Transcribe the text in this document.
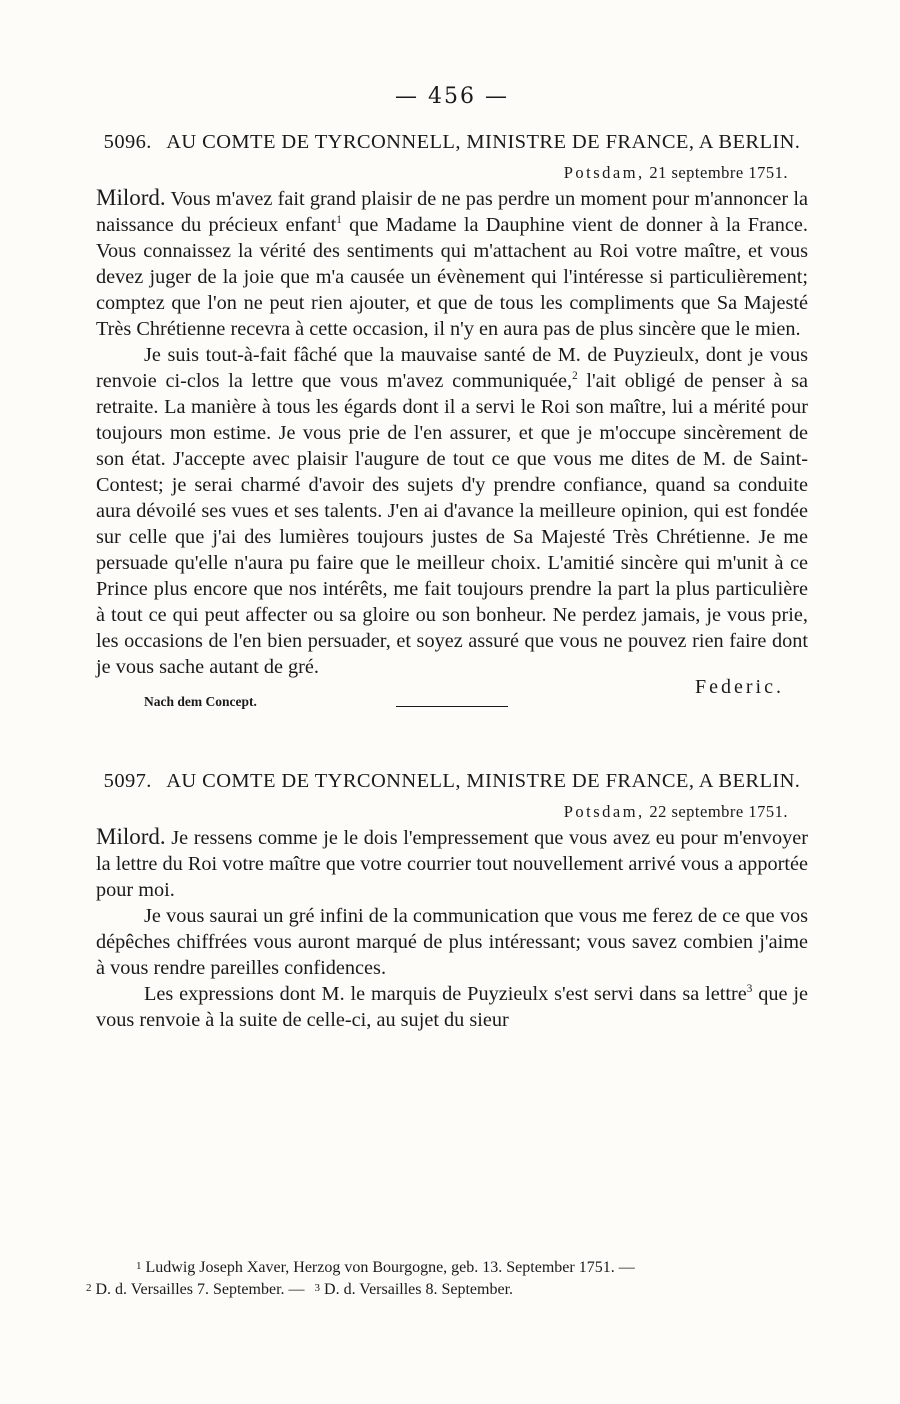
— 456 —
5096. AU COMTE DE TYRCONNELL, MINISTRE DE FRANCE, A BERLIN.
Potsdam, 21 septembre 1751.

Milord. Vous m'avez fait grand plaisir de ne pas perdre un moment pour m'annoncer la naissance du précieux enfant$^1$ que Madame la Dauphine vient de donner à la France. Vous connaissez la vérité des sentiments qui m'attachent au Roi votre maître, et vous devez juger de la joie que m'a causée un évènement qui l'intéresse si particulièrement; comptez que l'on ne peut rien ajouter, et que de tous les compliments que Sa Majesté Très Chrétienne recevra à cette occasion, il n'y en aura pas de plus sincère que le mien.

Je suis tout-à-fait fâché que la mauvaise santé de M. de Puyzieulx, dont je vous renvoie ci-clos la lettre que vous m'avez communiquée,$^2$ l'ait obligé de penser à sa retraite. La manière à tous les égards dont il a servi le Roi son maître, lui a mérité pour toujours mon estime. Je vous prie de l'en assurer, et que je m'occupe sincèrement de son état. J'accepte avec plaisir l'augure de tout ce que vous me dites de M. de Saint-Contest; je serai charmé d'avoir des sujets d'y prendre confiance, quand sa conduite aura dévoilé ses vues et ses talents. J'en ai d'avance la meilleure opinion, qui est fondée sur celle que j'ai des lumières toujours justes de Sa Majesté Très Chrétienne. Je me persuade qu'elle n'aura pu faire que le meilleur choix. L'amitié sincère qui m'unit à ce Prince plus encore que nos intérêts, me fait toujours prendre la part la plus particulière à tout ce qui peut affecter ou sa gloire ou son bonheur. Ne perdez jamais, je vous prie, les occasions de l'en bien persuader, et soyez assuré que vous ne pouvez rien faire dont je vous sache autant de gré.

Federic.
Nach dem Concept.
5097. AU COMTE DE TYRCONNELL, MINISTRE DE FRANCE, A BERLIN.
Potsdam, 22 septembre 1751.

Milord. Je ressens comme je le dois l'empressement que vous avez eu pour m'envoyer la lettre du Roi votre maître que votre courrier tout nouvellement arrivé vous a apportée pour moi.

Je vous saurai un gré infini de la communication que vous me ferez de ce que vos dépêches chiffrées vous auront marqué de plus intéressant; vous savez combien j'aime à vous rendre pareilles confidences.

Les expressions dont M. le marquis de Puyzieulx s'est servi dans sa lettre$^3$ que je vous renvoie à la suite de celle-ci, au sujet du sieur

1 Ludwig Joseph Xaver, Herzog von Bourgogne, geb. 13. September 1751. —
2 D. d. Versailles 7. September. — 3 D. d. Versailles 8. September.
